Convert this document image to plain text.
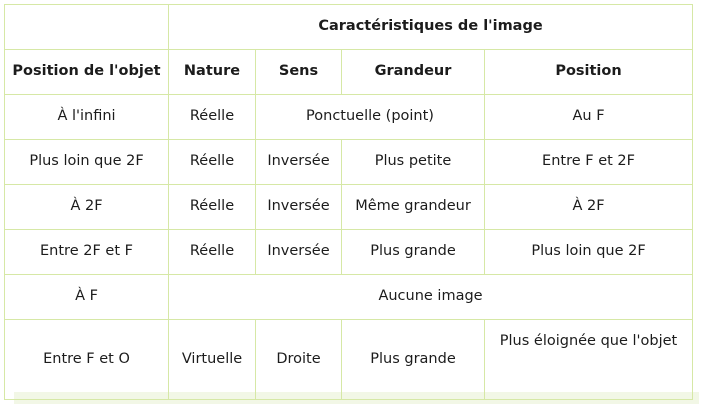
	Caractéristiques de l'image			
Position de l'objet	Nature	Sens	Grandeur	Position
À l'infini	Réelle	Ponctuelle (point)		Au F
Plus loin que 2F	Réelle	Inversée	Plus petite	Entre F et 2F
À 2F	Réelle	Inversée	Même grandeur	À 2F
Entre 2F et F	Réelle	Inversée	Plus grande	Plus loin que 2F
À F	Aucune image			
Entre F et O	Virtuelle	Droite	Plus grande	Plus éloignée que l'objet
